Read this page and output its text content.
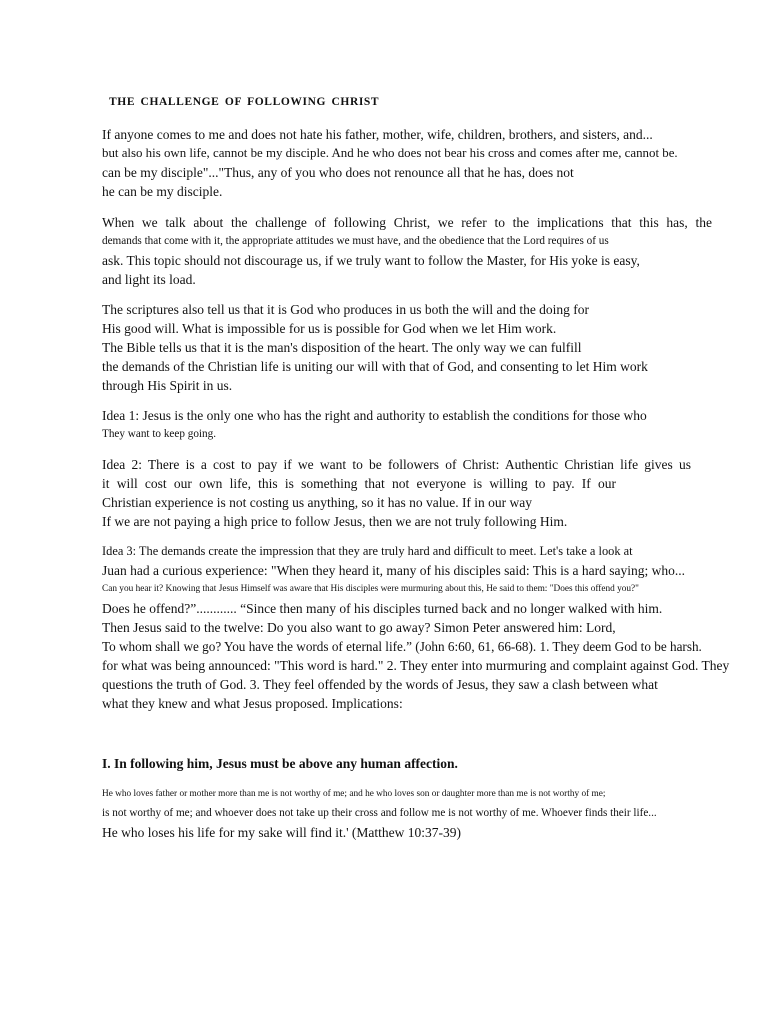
THE CHALLENGE OF FOLLOWING CHRIST
If anyone comes to me and does not hate his father, mother, wife, children, brothers, and sisters, and...
but also his own life, cannot be my disciple. And he who does not bear his cross and comes after me, cannot be.
can be my disciple"..."Thus, any of you who does not renounce all that he has, does not
he can be my disciple.
When we talk about the challenge of following Christ, we refer to the implications that this has, the
demands that come with it, the appropriate attitudes we must have, and the obedience that the Lord requires of us
ask. This topic should not discourage us, if we truly want to follow the Master, for His yoke is easy,
and light its load.
The scriptures also tell us that it is God who produces in us both the will and the doing for
His good will. What is impossible for us is possible for God when we let Him work.
The Bible tells us that it is the man's disposition of the heart. The only way we can fulfill
the demands of the Christian life is uniting our will with that of God, and consenting to let Him work
through His Spirit in us.
Idea 1: Jesus is the only one who has the right and authority to establish the conditions for those who
They want to keep going.
Idea 2: There is a cost to pay if we want to be followers of Christ: Authentic Christian life gives us
it will cost our own life, this is something that not everyone is willing to pay. If our
Christian experience is not costing us anything, so it has no value. If in our way
If we are not paying a high price to follow Jesus, then we are not truly following Him.
Idea 3: The demands create the impression that they are truly hard and difficult to meet. Let's take a look at
Juan had a curious experience: "When they heard it, many of his disciples said: This is a hard saying; who...
Can you hear it? Knowing that Jesus Himself was aware that His disciples were murmuring about this, He said to them: "Does this offend you?"
Does he offend?”............ “Since then many of his disciples turned back and no longer walked with him.
Then Jesus said to the twelve: Do you also want to go away? Simon Peter answered him: Lord,
To whom shall we go? You have the words of eternal life.” (John 6:60, 61, 66-68). 1. They deem God to be harsh.
for what was being announced: "This word is hard." 2. They enter into murmuring and complaint against God. They
questions the truth of God. 3. They feel offended by the words of Jesus, they saw a clash between what
what they knew and what Jesus proposed. Implications:
I. In following him, Jesus must be above any human affection.
He who loves father or mother more than me is not worthy of me; and he who loves son or daughter more than me is not worthy of me;
is not worthy of me; and whoever does not take up their cross and follow me is not worthy of me. Whoever finds their life...
He who loses his life for my sake will find it.' (Matthew 10:37-39)
